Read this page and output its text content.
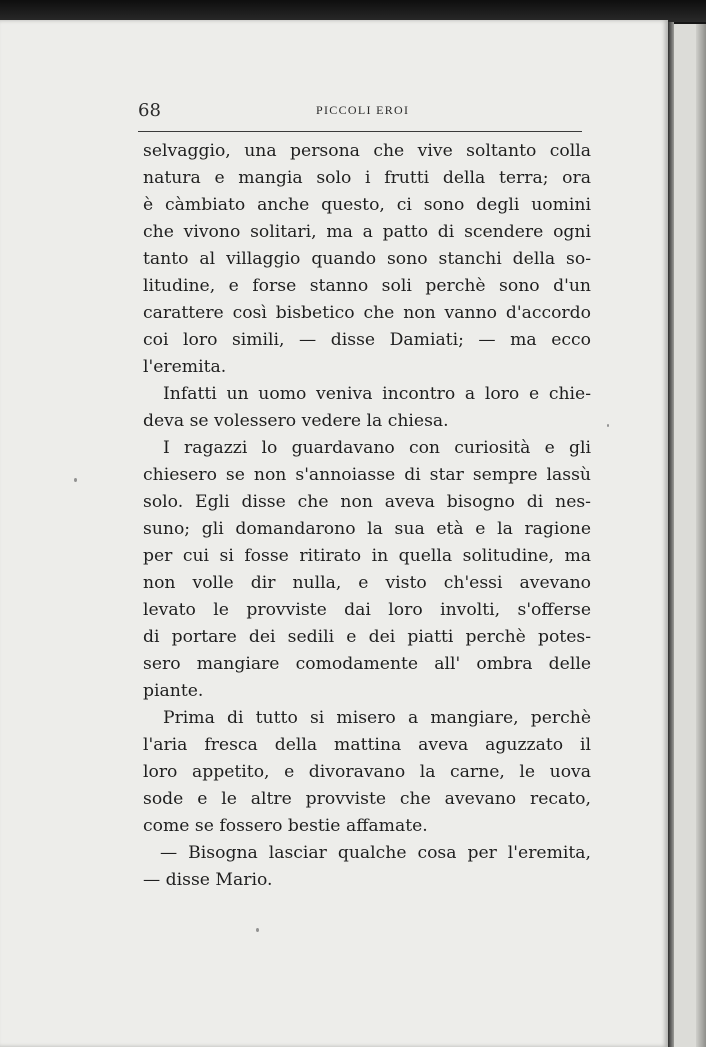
68	PICCOLI EROI
selvaggio, una persona che vive soltanto colla
natura e mangia solo i frutti della terra; ora
è càmbiato anche questo, ci sono degli uomini
che vivono solitari, ma a patto di scendere ogni
tanto al villaggio quando sono stanchi della so-
litudine, e forse stanno soli perchè sono d'un
carattere così bisbetico che non vanno d'accordo
coi loro simili, — disse Damiati; — ma ecco
l'eremita.
Infatti un uomo veniva incontro a loro e chie-
deva se volessero vedere la chiesa.
I ragazzi lo guardavano con curiosità e gli
chiesero se non s'annoiasse di star sempre lassù
solo. Egli disse che non aveva bisogno di nes-
suno; gli domandarono la sua età e la ragione
per cui si fosse ritirato in quella solitudine, ma
non volle dir nulla, e visto ch'essi avevano
levato le provviste dai loro involti, s'offerse
di portare dei sedili e dei piatti perchè potes-
sero mangiare comodamente all' ombra delle
piante.
Prima di tutto si misero a mangiare, perchè
l'aria fresca della mattina aveva aguzzato il
loro appetito, e divoravano la carne, le uova
sode e le altre provviste che avevano recato,
come se fossero bestie affamate.
— Bisogna lasciar qualche cosa per l'eremita,
— disse Mario.
